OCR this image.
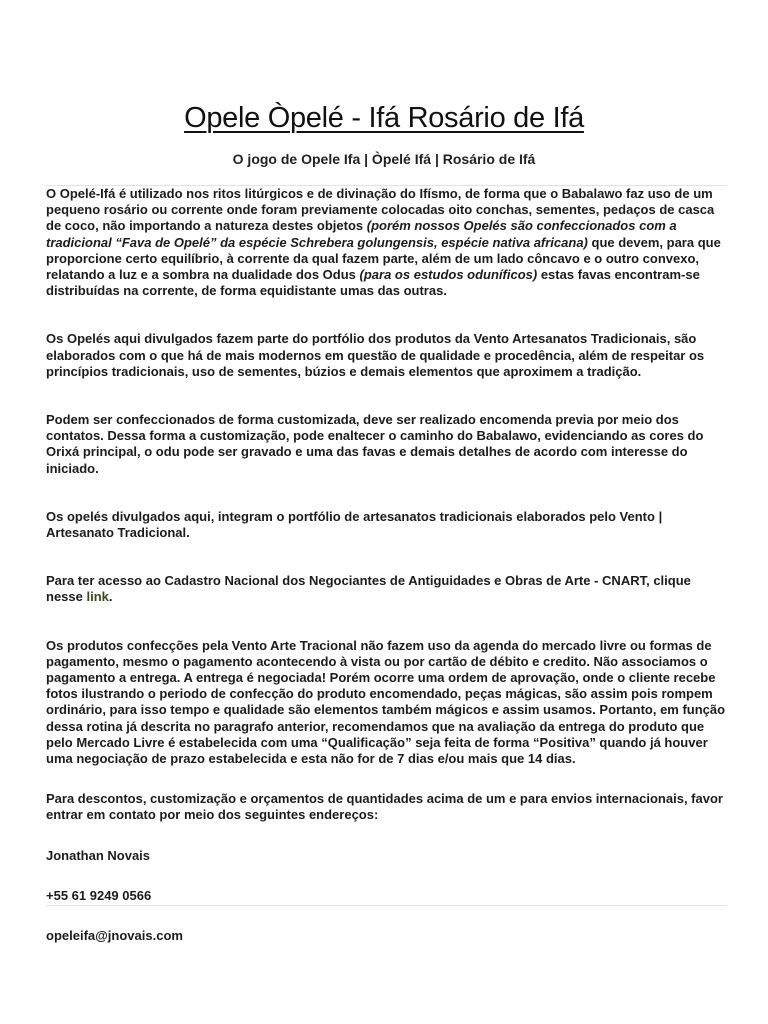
Opele Òpelé - Ifá Rosário de Ifá
O jogo de Opele Ifa | Òpelé Ifá | Rosário de Ifá

O Opelé-Ifá é utilizado nos ritos litúrgicos e de divinação do Ifísmo, de forma que o Babalawo faz uso de um pequeno rosário ou corrente onde foram previamente colocadas oito conchas, sementes, pedaços de casca de coco, não importando a natureza destes objetos (porém nossos Opelés são confeccionados com a tradicional “Fava de Opelé” da espécie Schrebera golungensis, espécie nativa africana) que devem, para que proporcione certo equilíbrio, à corrente da qual fazem parte, além de um lado côncavo e o outro convexo, relatando a luz e a sombra na dualidade dos Odus (para os estudos oduníficos) estas favas encontram-se distribuídas na corrente, de forma equidistante umas das outras.

Os Opelés aqui divulgados fazem parte do portfólio dos produtos da Vento Artesanatos Tradicionais, são elaborados com o que há de mais modernos em questão de qualidade e procedência, além de respeitar os princípios tradicionais, uso de sementes, búzios e demais elementos que aproximem a tradição.

Podem ser confeccionados de forma customizada, deve ser realizado encomenda previa por meio dos contatos. Dessa forma a customização, pode enaltecer o caminho do Babalawo, evidenciando as cores do Orixá principal, o odu pode ser gravado e uma das favas e demais detalhes de acordo com interesse do iniciado.

Os opelés divulgados aqui, integram o portfólio de artesanatos tradicionais elaborados pelo Vento | Artesanato Tradicional.

Para ter acesso ao Cadastro Nacional dos Negociantes de Antiguidades e Obras de Arte - CNART, clique nesse link.

Os produtos confecções pela Vento Arte Tracional não fazem uso da agenda do mercado livre ou formas de pagamento, mesmo o pagamento acontecendo à vista ou por cartão de débito e credito. Não associamos o pagamento a entrega. A entrega é negociada! Porém ocorre uma ordem de aprovação, onde o cliente recebe fotos ilustrando o periodo de confecção do produto encomendado, peças mágicas, são assim pois rompem ordinário, para isso tempo e qualidade são elementos também mágicos e assim usamos. Portanto, em função dessa rotina já descrita no paragrafo anterior, recomendamos que na avaliação da entrega do produto que pelo Mercado Livre é estabelecida com uma “Qualificação” seja feita de forma “Positiva” quando já houver uma negociação de prazo estabelecida e esta não for de 7 dias e/ou mais que 14 dias.

Para descontos, customização e orçamentos de quantidades acima de um e para envios internacionais, favor entrar em contato por meio dos seguintes endereços:

Jonathan Novais

+55 61 9249 0566

opeleifa@jnovais.com
